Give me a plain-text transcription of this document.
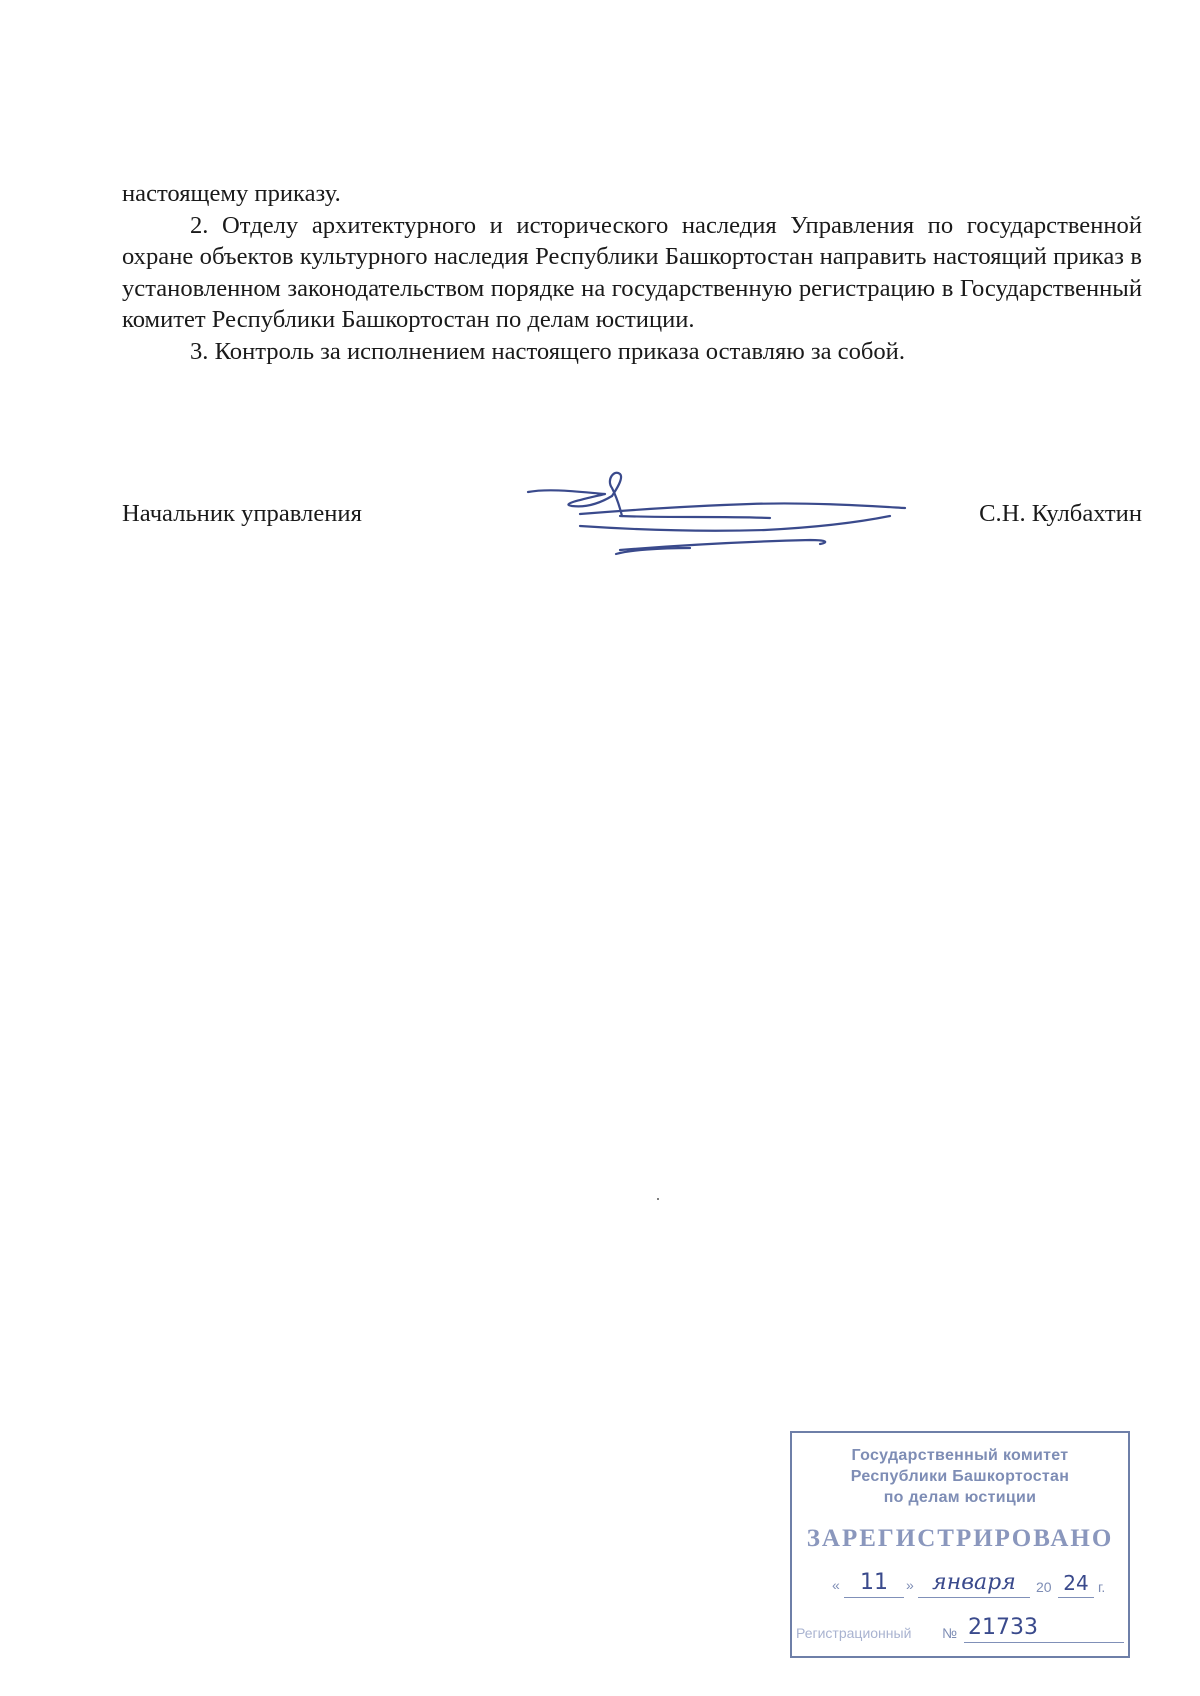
настоящему приказу.

2. Отделу архитектурного и исторического наследия Управления по государственной охране объектов культурного наследия Республики Башкортостан направить настоящий приказ в установленном законодательством порядке на государственную регистрацию в Государственный комитет Республики Башкортостан по делам юстиции.

3. Контроль за исполнением настоящего приказа оставляю за собой.

Начальник управления	С.Н. Кулбахтин
Государственный комитет
Республики Башкортостан
по делам юстиции
ЗАРЕГИСТРИРОВАНО
« 11	» января	20 24 г.
Регистрационный № 21733
